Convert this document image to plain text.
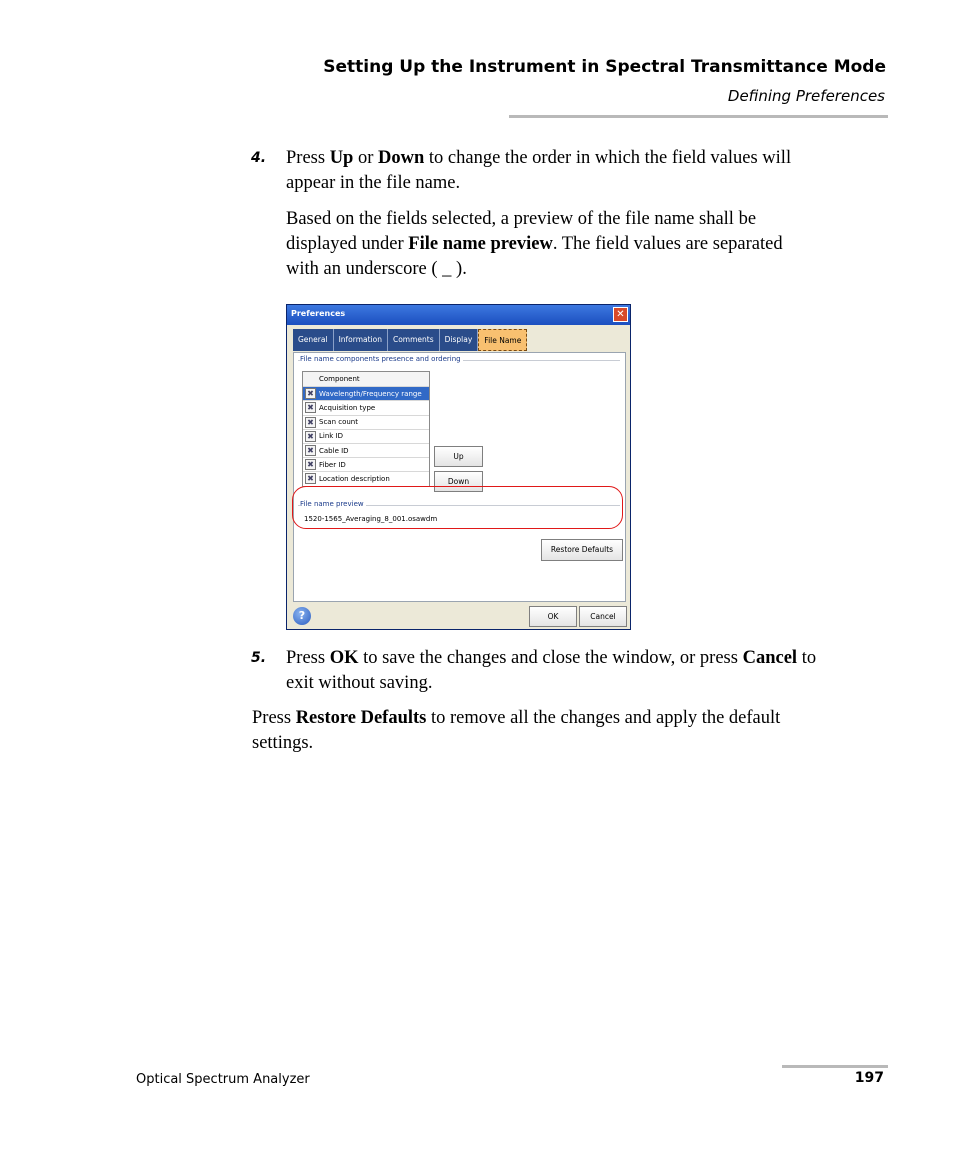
Setting Up the Instrument in Spectral Transmittance Mode
Defining Preferences
4. Press Up or Down to change the order in which the field values will
appear in the file name.
Based on the fields selected, a preview of the file name shall be
displayed under File name preview. The field values are separated
with an underscore ( _ ).
Preferences	✕
General	Information	Comments	Display	File Name
File name components presence and ordering
Component
✖ Wavelength/Frequency range
✖ Acquisition type
✖ Scan count
✖ Link ID
✖ Cable ID
✖ Fiber ID
✖ Location description
Up
Down
File name preview
1520-1565_Averaging_8_001.osawdm
Restore Defaults
?	OK	Cancel
5. Press OK to save the changes and close the window, or press Cancel to
exit without saving.
Press Restore Defaults to remove all the changes and apply the default
settings.
Optical Spectrum Analyzer	197
